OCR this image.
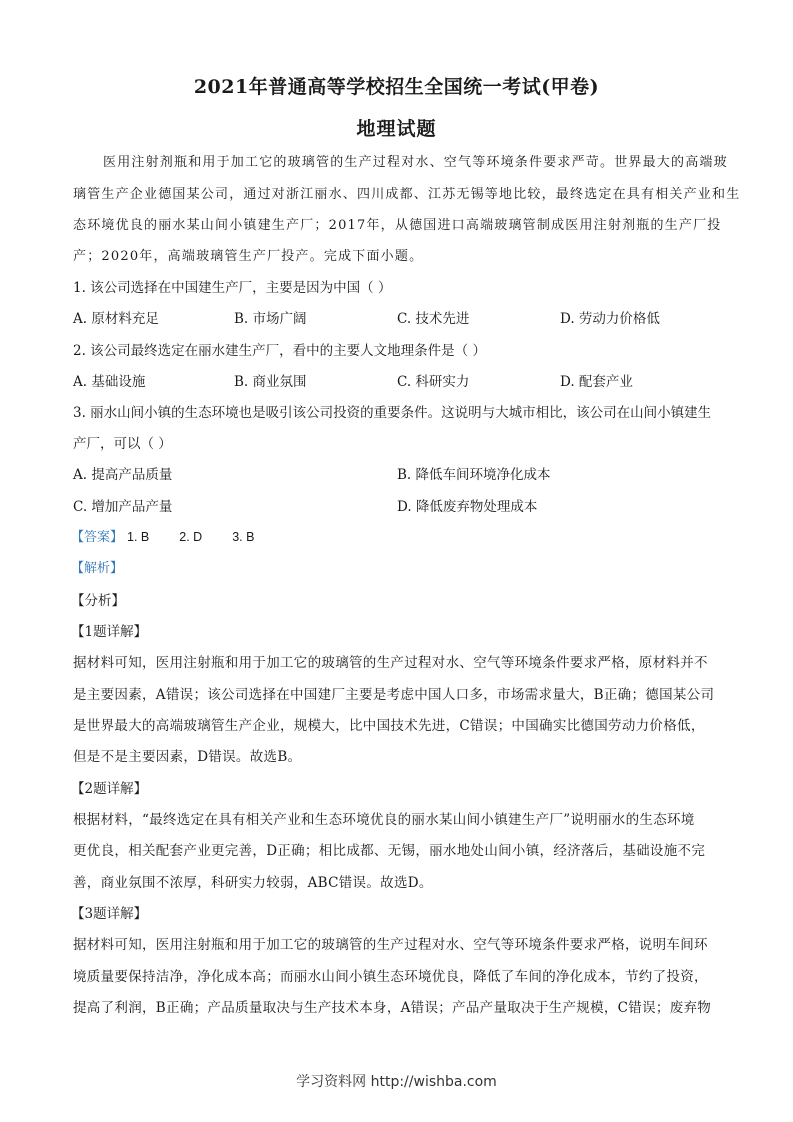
2021年普通高等学校招生全国统一考试(甲卷)
地理试题
医用注射剂瓶和用于加工它的玻璃管的生产过程对水、空气等环境条件要求严苛。世界最大的高端玻
璃管生产企业德国某公司，通过对浙江丽水、四川成都、江苏无锡等地比较，最终选定在具有相关产业和生
态环境优良的丽水某山间小镇建生产厂；2017年，从德国进口高端玻璃管制成医用注射剂瓶的生产厂投
产；2020年，高端玻璃管生产厂投产。完成下面小题。
1. 该公司选择在中国建生产厂，主要是因为中国（ ）
A. 原材料充足	B. 市场广阔	C. 技术先进	D. 劳动力价格低
2. 该公司最终选定在丽水建生产厂，看中的主要人文地理条件是（ ）
A. 基础设施	B. 商业氛围	C. 科研实力	D. 配套产业
3. 丽水山间小镇的生态环境也是吸引该公司投资的重要条件。这说明与大城市相比，该公司在山间小镇建生
产厂，可以（ ）
A. 提高产品质量	B. 降低车间环境净化成本
C. 增加产品产量	D. 降低废弃物处理成本
【答案】 1. B 2. D 3. B
【解析】
【分析】
【1题详解】
据材料可知，医用注射瓶和用于加工它的玻璃管的生产过程对水、空气等环境条件要求严格，原材料并不
是主要因素，A错误；该公司选择在中国建厂主要是考虑中国人口多，市场需求量大，B正确；德国某公司
是世界最大的高端玻璃管生产企业，规模大，比中国技术先进，C错误；中国确实比德国劳动力价格低，
但是不是主要因素，D错误。故选B。
【2题详解】
根据材料，“最终选定在具有相关产业和生态环境优良的丽水某山间小镇建生产厂”说明丽水的生态环境
更优良，相关配套产业更完善，D正确；相比成都、无锡，丽水地处山间小镇，经济落后，基础设施不完
善，商业氛围不浓厚，科研实力较弱，ABC错误。故选D。
【3题详解】
据材料可知，医用注射瓶和用于加工它的玻璃管的生产过程对水、空气等环境条件要求严格，说明车间环
境质量要保持洁净，净化成本高；而丽水山间小镇生态环境优良，降低了车间的净化成本，节约了投资，
提高了利润，B正确；产品质量取决与生产技术本身，A错误；产品产量取决于生产规模，C错误；废弃物
学习资料网 http://wishba.com
